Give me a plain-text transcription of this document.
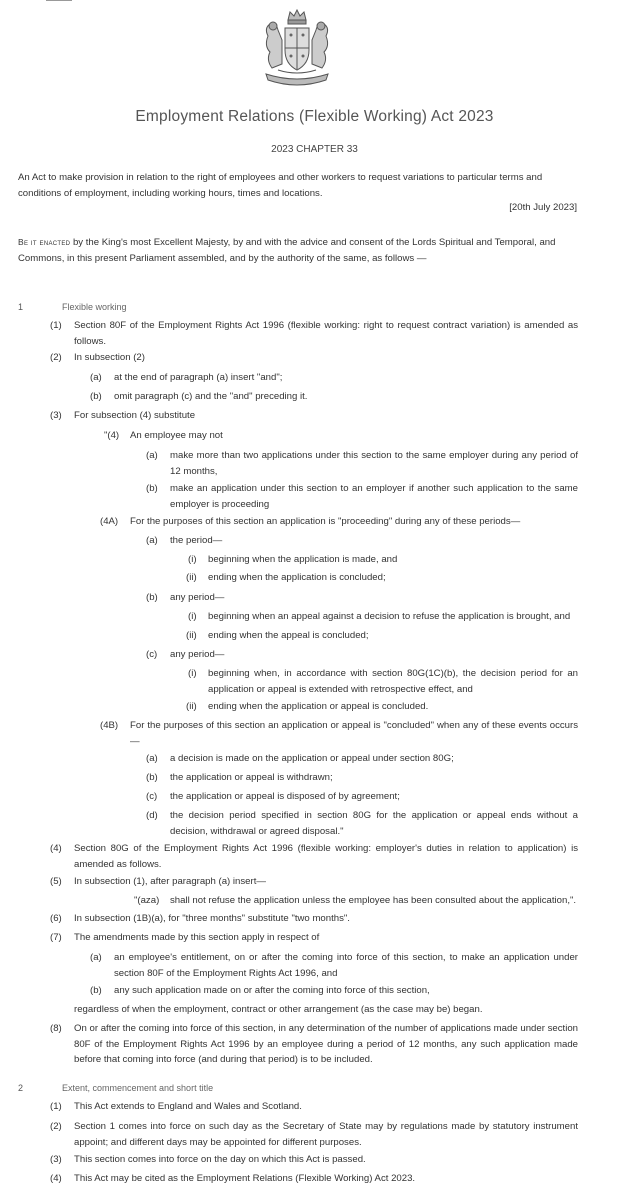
Employment Relations (Flexible Working) Act 2023
2023 CHAPTER 33

An Act to make provision in relation to the right of employees and other workers to request variations to particular terms and conditions of employment, including working hours, times and locations.

[20th July 2023]

Be it enacted by the King's most Excellent Majesty, by and with the advice and consent of the Lords Spiritual and Temporal, and Commons, in this present Parliament assembled, and by the authority of the same, as follows —

1	Flexible working
(1) Section 80F of the Employment Rights Act 1996 (flexible working: right to request contract variation) is amended as follows.

(2) In subsection (2)

(a) at the end of paragraph (a) insert "and";

(b) omit paragraph (c) and the "and" preceding it.

(3) For subsection (4) substitute

"(4) An employee may not

(a) make more than two applications under this section to the same employer during any period of 12 months,

(b) make an application under this section to an employer if another such application to the same employer is proceeding

(4A) For the purposes of this section an application is "proceeding" during any of these periods—

(a) the period—

(i) beginning when the application is made, and

(ii) ending when the application is concluded;

(b) any period—

(i) beginning when an appeal against a decision to refuse the application is brought, and

(ii) ending when the appeal is concluded;

(c) any period—

(i) beginning when, in accordance with section 80G(1C)(b), the decision period for an application or appeal is extended with retrospective effect, and

(ii) ending when the application or appeal is concluded.

(4B) For the purposes of this section an application or appeal is "concluded" when any of these events occurs—

(a) a decision is made on the application or appeal under section 80G;

(b) the application or appeal is withdrawn;

(c) the application or appeal is disposed of by agreement;

(d) the decision period specified in section 80G for the application or appeal ends without a decision, withdrawal or agreed disposal."

(4) Section 80G of the Employment Rights Act 1996 (flexible working: employer's duties in relation to application) is amended as follows.

(5) In subsection (1), after paragraph (a) insert—

"(aza) shall not refuse the application unless the employee has been consulted about the application,".

(6) In subsection (1B)(a), for "three months" substitute "two months".

(7) The amendments made by this section apply in respect of

(a) an employee's entitlement, on or after the coming into force of this section, to make an application under section 80F of the Employment Rights Act 1996, and

(b) any such application made on or after the coming into force of this section,

regardless of when the employment, contract or other arrangement (as the case may be) began.

(8) On or after the coming into force of this section, in any determination of the number of applications made under section 80F of the Employment Rights Act 1996 by an employee during a period of 12 months, any such application made before that coming into force (and during that period) is to be included.

2	Extent, commencement and short title
(1) This Act extends to England and Wales and Scotland.

(2) Section 1 comes into force on such day as the Secretary of State may by regulations made by statutory instrument appoint; and different days may be appointed for different purposes.

(3) This section comes into force on the day on which this Act is passed.

(4) This Act may be cited as the Employment Relations (Flexible Working) Act 2023.
